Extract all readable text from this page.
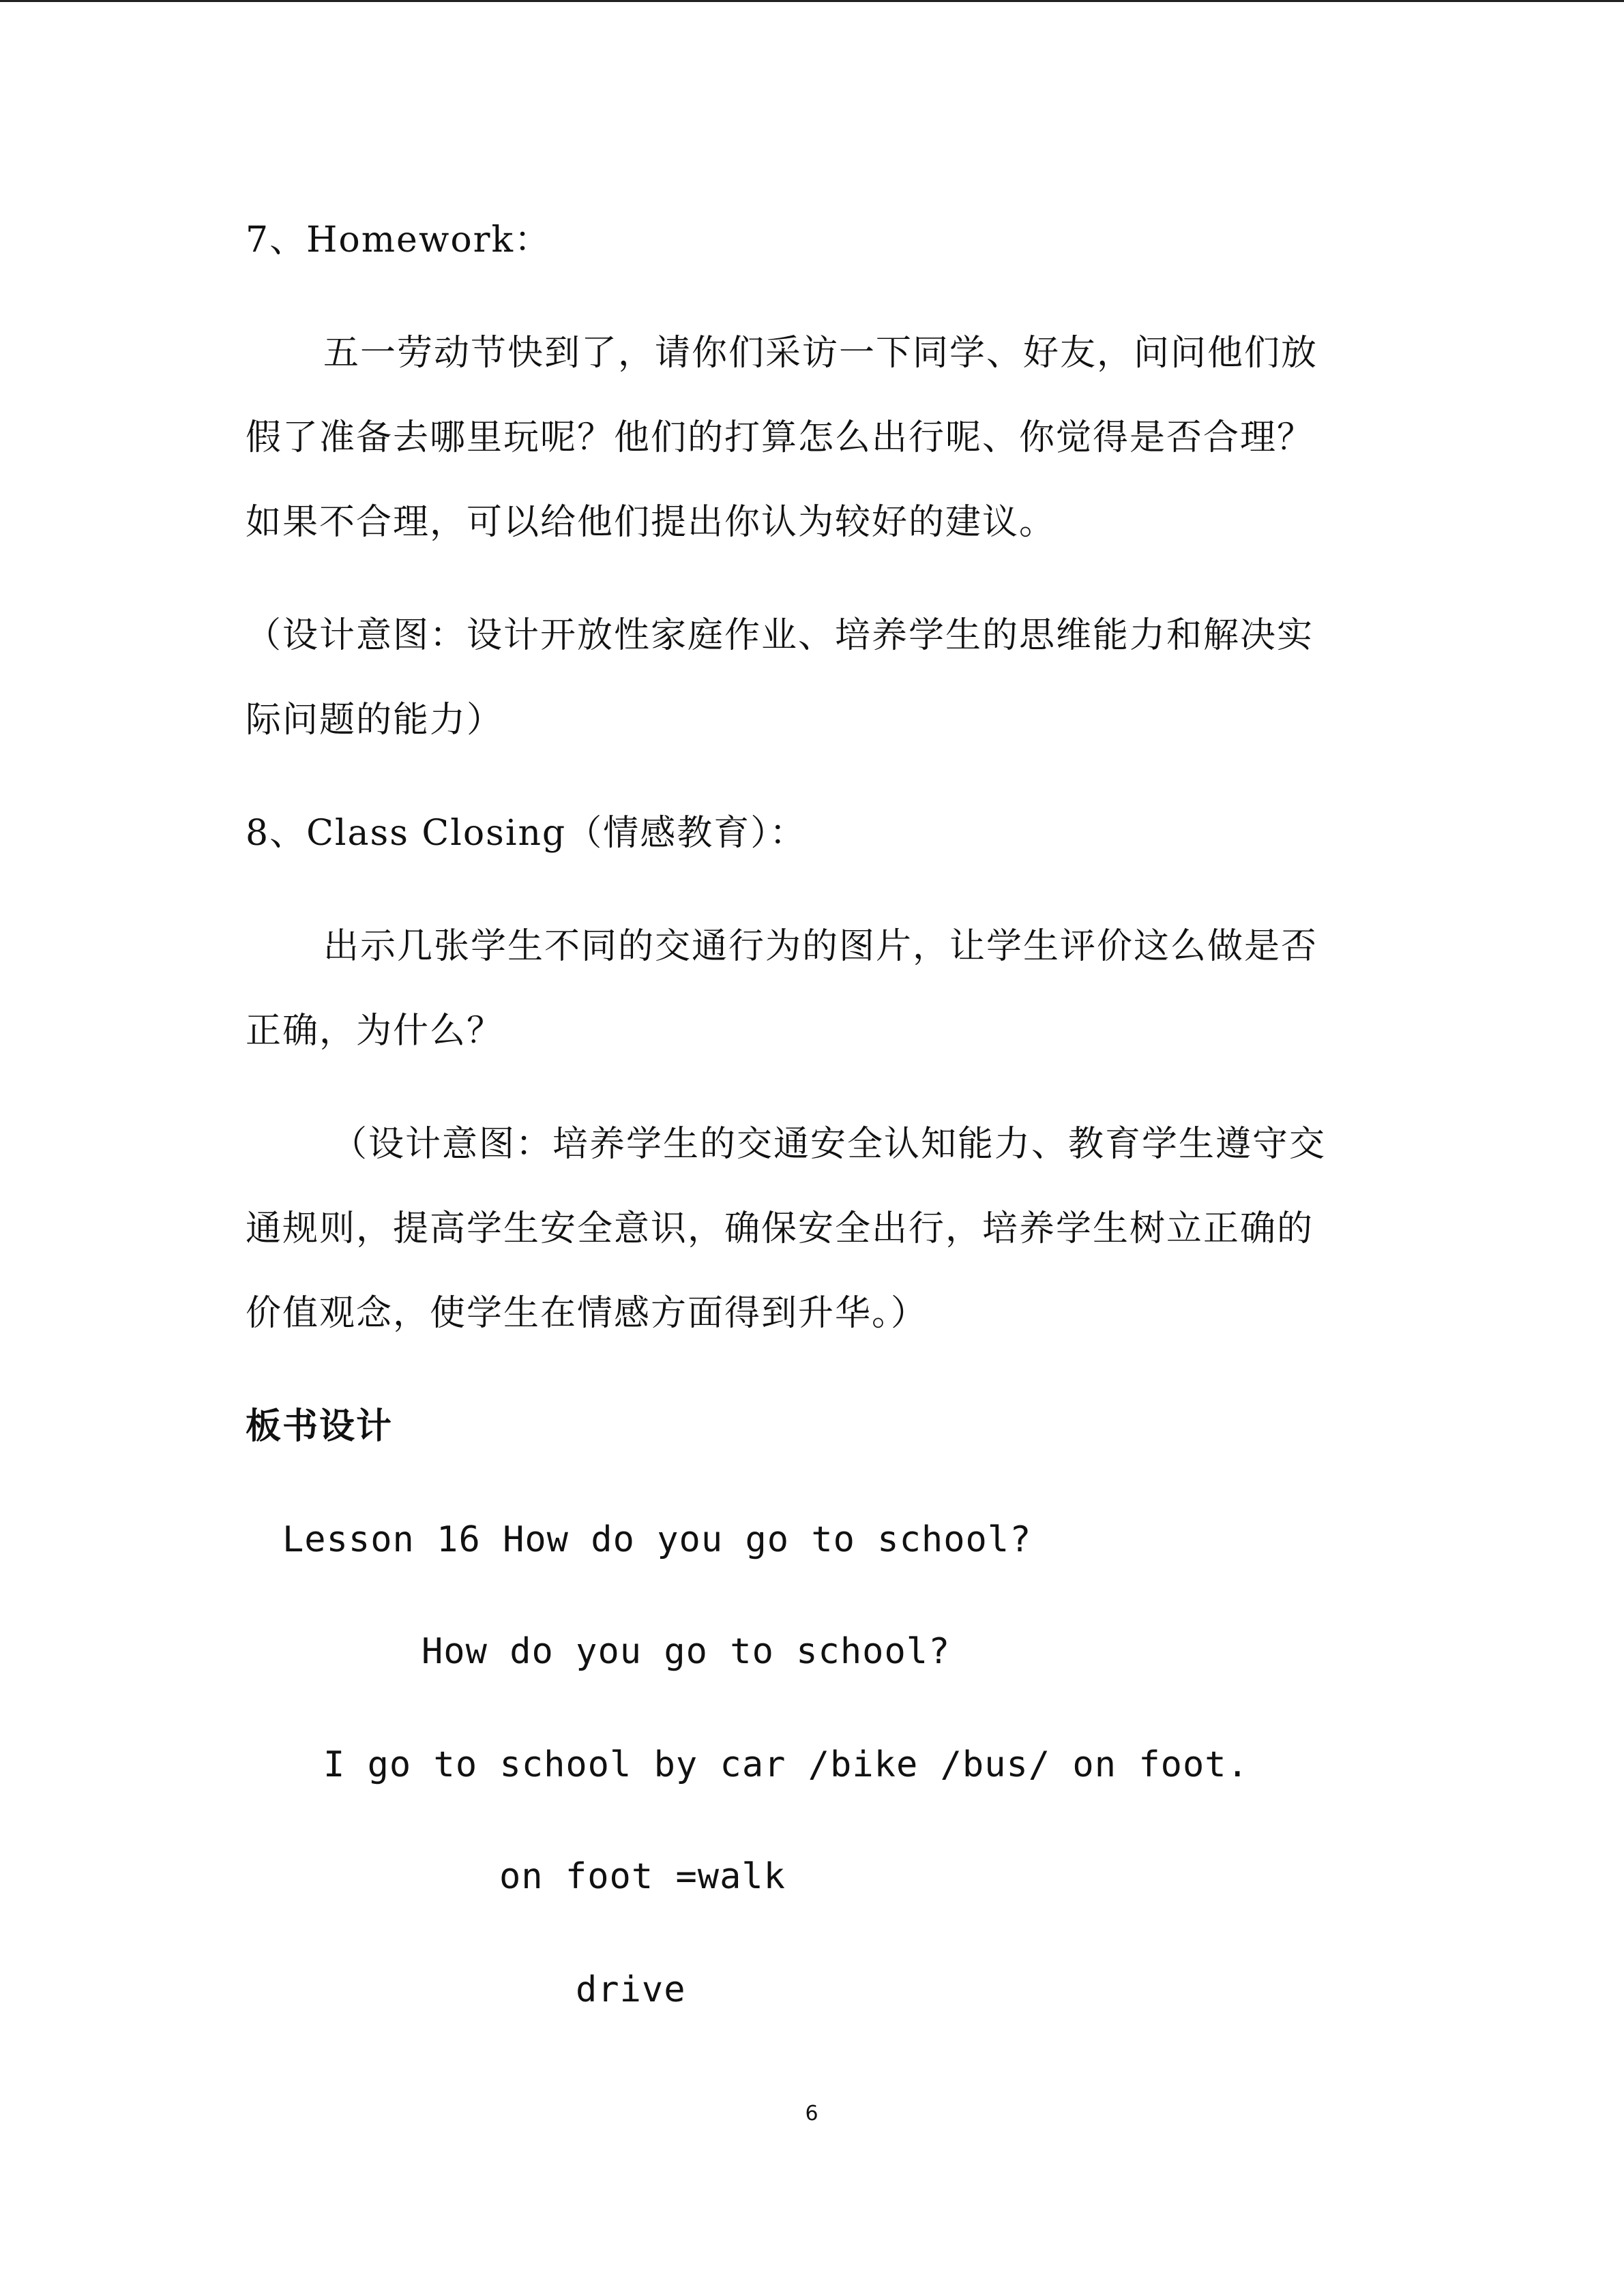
7、Homework：
五一劳动节快到了，请你们采访一下同学、好友，问问他们放
假了准备去哪里玩呢？他们的打算怎么出行呢、你觉得是否合理？
如果不合理，可以给他们提出你认为较好的建议。
（设计意图：设计开放性家庭作业、培养学生的思维能力和解决实
际问题的能力）
8、Class Closing（情感教育）：
出示几张学生不同的交通行为的图片，让学生评价这么做是否
正确，为什么？
（设计意图：培养学生的交通安全认知能力、教育学生遵守交
通规则，提高学生安全意识，确保安全出行，培养学生树立正确的
价值观念，使学生在情感方面得到升华。）
板书设计
Lesson 16 How do you go to school?
How do you go to school?
I go to school by car /bike /bus/ on foot.
on foot =walk
drive
6
